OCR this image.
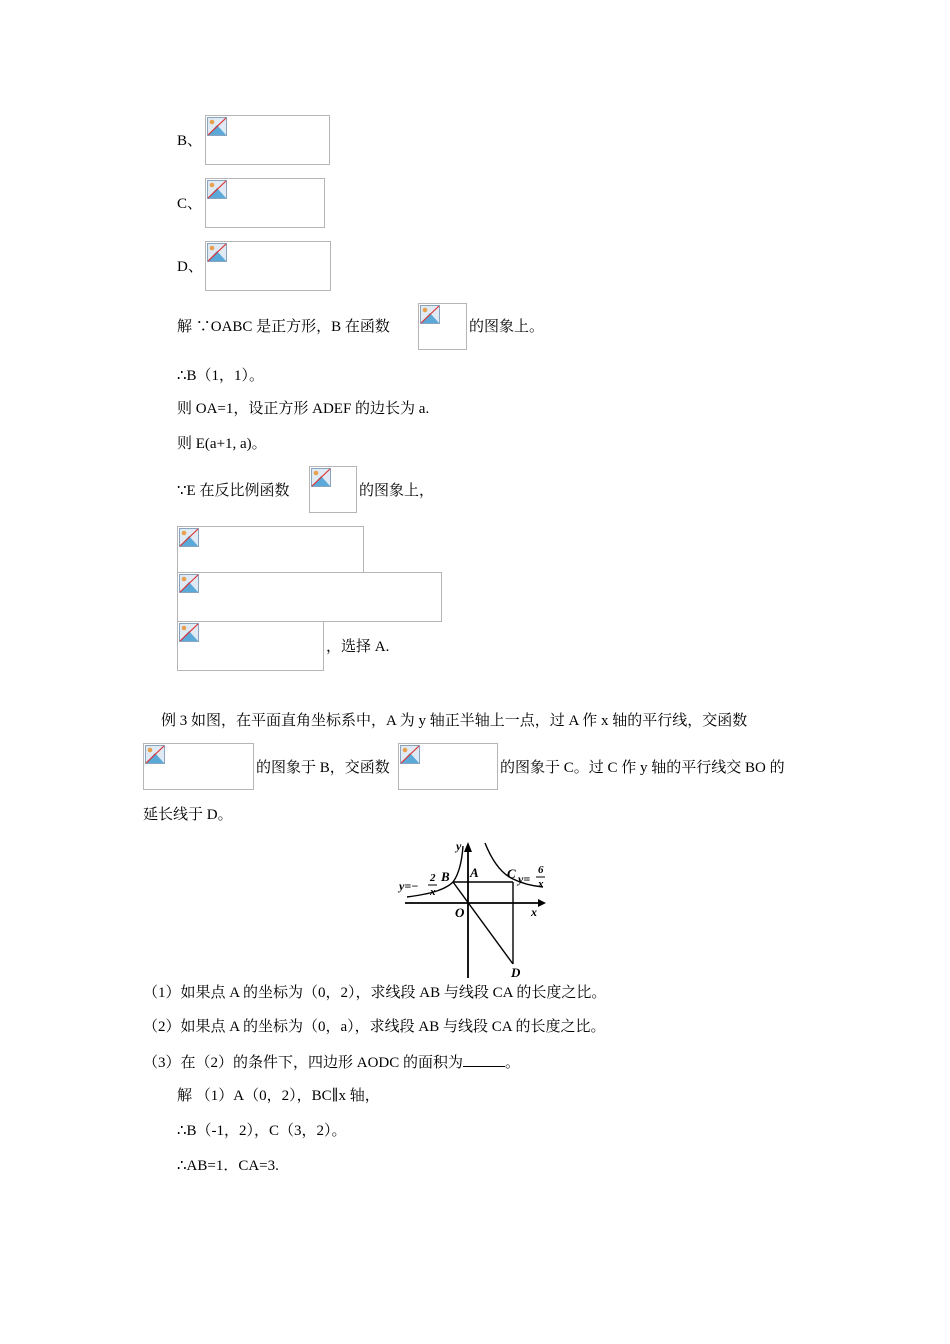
B、
C、
D、
解 ∵OABC 是正方形，B 在函数	的图象上。
∴B（1，1）。
则 OA=1，设正方形 ADEF 的边长为 a.
则 E(a+1, a)。
∵E 在反比例函数	的图象上，
，选择 A.
例 3 如图，在平面直角坐标系中，A 为 y 轴正半轴上一点，过 A 作 x 轴的平行线，交函数
的图象于 B，交函数	的图象于 C。过 C 作 y 轴的平行线交 BO 的
延长线于 D。
y
x
O
B A C
D
y=−
2
x
y=
6
x
（1）如果点 A 的坐标为（0，2），求线段 AB 与线段 CA 的长度之比。
（2）如果点 A 的坐标为（0，a），求线段 AB 与线段 CA 的长度之比。
（3）在（2）的条件下，四边形 AODC 的面积为	。
解 （1）A（0，2），BC∥x 轴，
∴B（-1，2），C（3，2）。
∴AB=1．CA=3.
